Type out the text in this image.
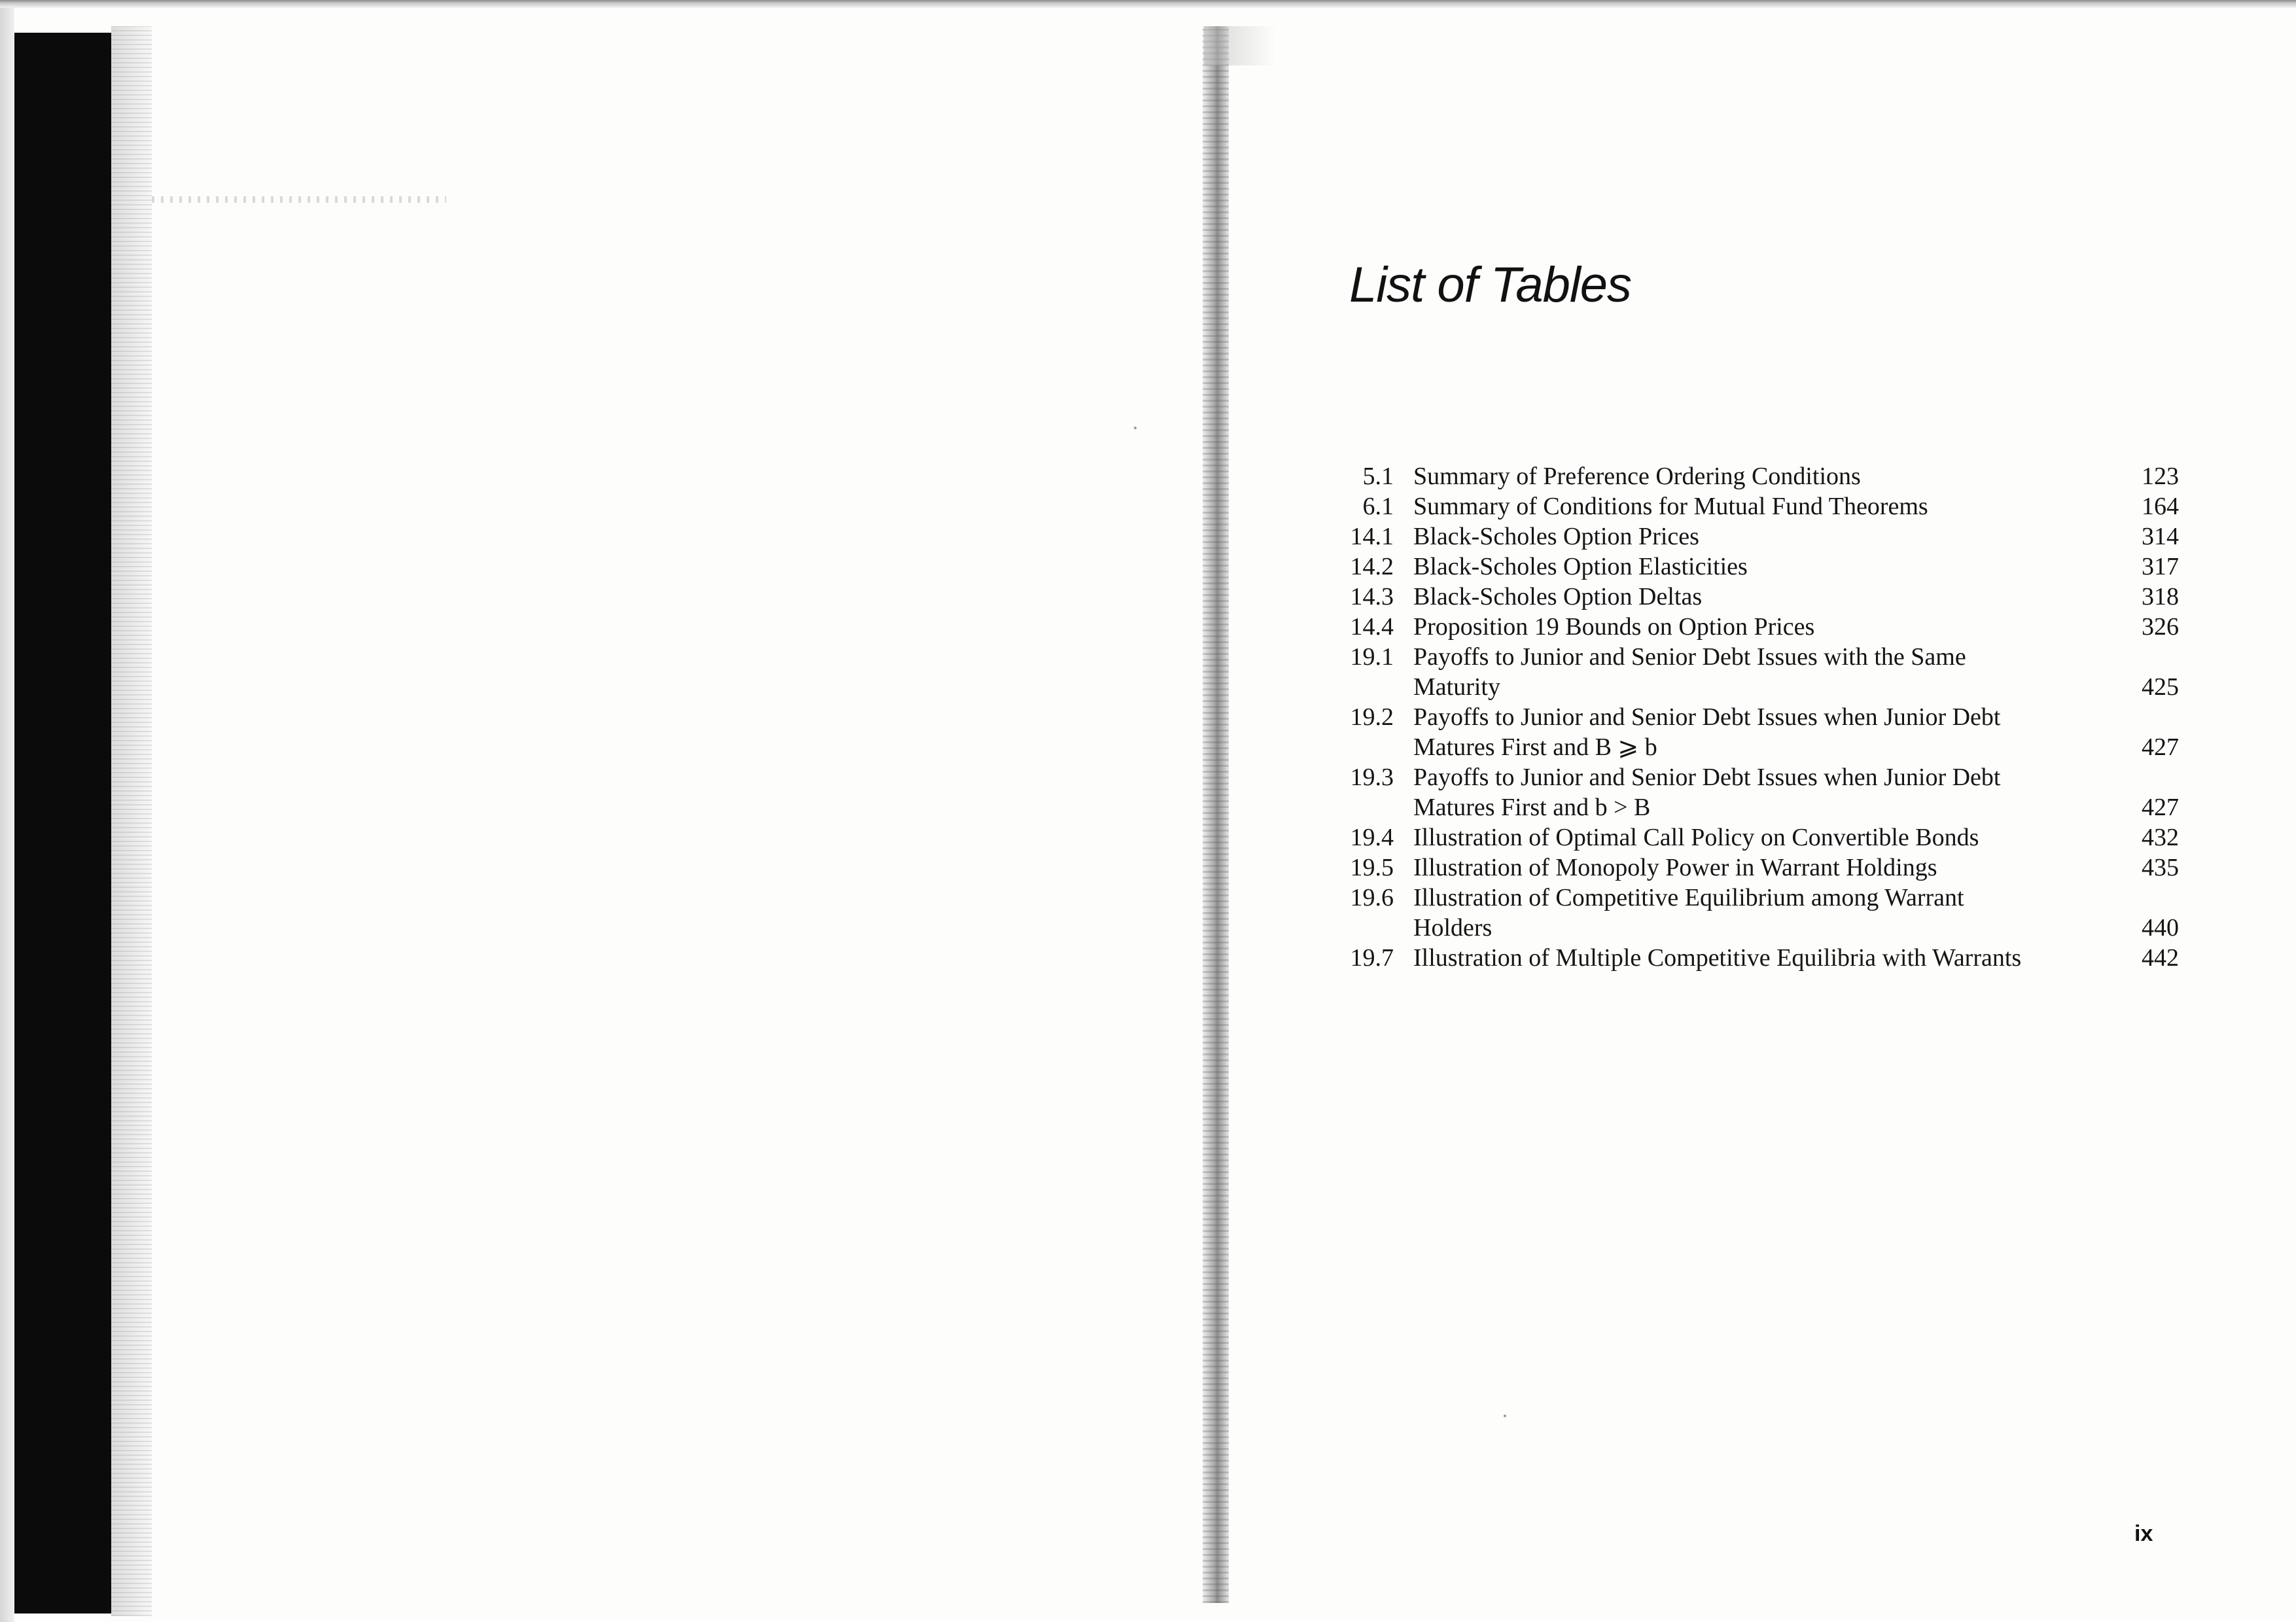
List of Tables
5.1 Summary of Preference Ordering Conditions	123
6.1 Summary of Conditions for Mutual Fund Theorems	164
14.1 Black-Scholes Option Prices	314
14.2 Black-Scholes Option Elasticities	317
14.3 Black-Scholes Option Deltas	318
14.4 Proposition 19 Bounds on Option Prices	326
19.1 Payoffs to Junior and Senior Debt Issues with the Same
Maturity	425
19.2 Payoffs to Junior and Senior Debt Issues when Junior Debt
Matures First and B ⩾ b	427
19.3 Payoffs to Junior and Senior Debt Issues when Junior Debt
Matures First and b > B	427
19.4 Illustration of Optimal Call Policy on Convertible Bonds	432
19.5 Illustration of Monopoly Power in Warrant Holdings	435
19.6 Illustration of Competitive Equilibrium among Warrant
Holders	440
19.7 Illustration of Multiple Competitive Equilibria with Warrants	442
ix
